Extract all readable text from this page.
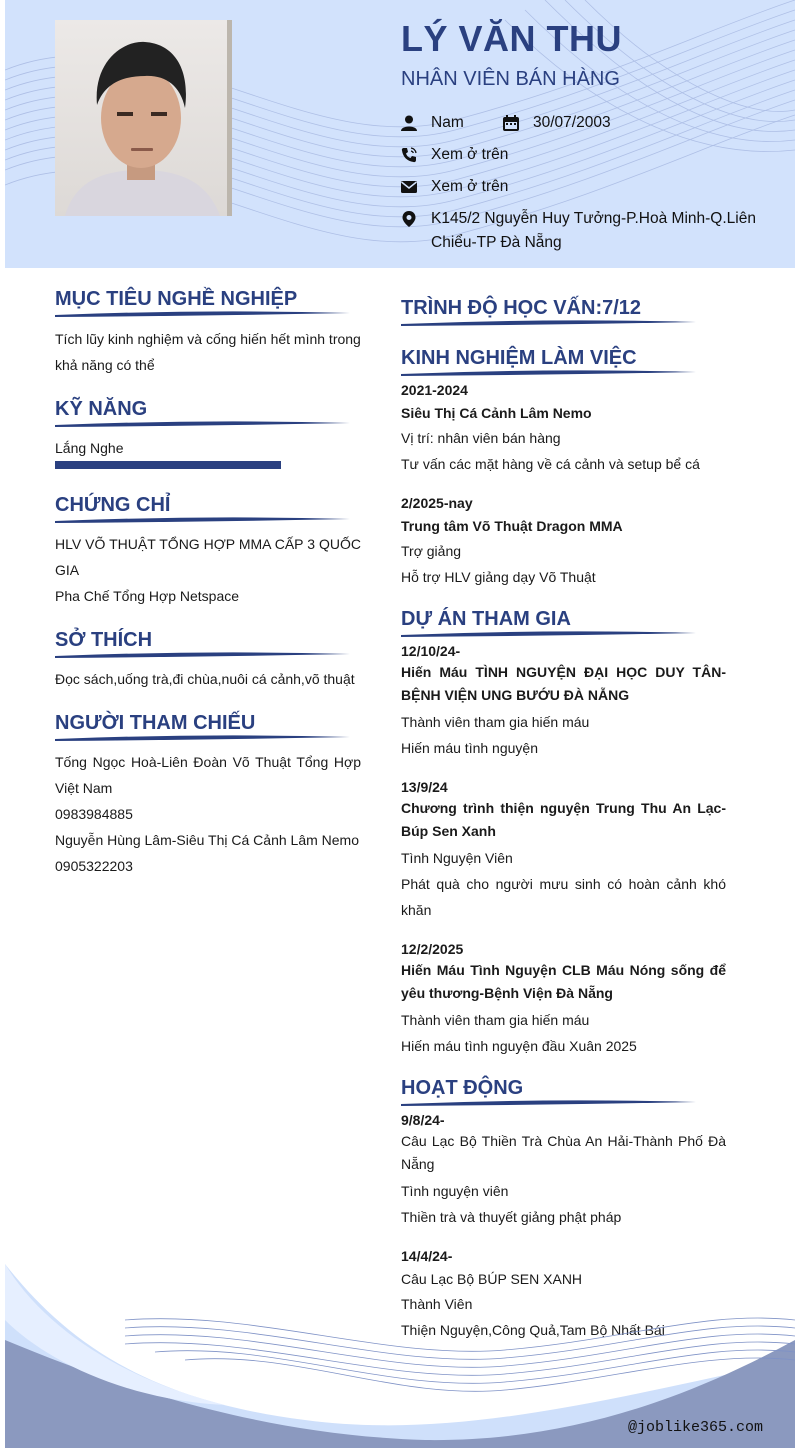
LÝ VĂN THU
NHÂN VIÊN BÁN HÀNG
Nam	30/07/2003
Xem ở trên
Xem ở trên
K145/2 Nguyễn Huy Tưởng-P.Hoà Minh-Q.Liên Chiểu-TP Đà Nẵng
MỤC TIÊU NGHỀ NGHIỆP
Tích lũy kinh nghiệm và cống hiến hết mình trong khả năng có thể
KỸ NĂNG
Lắng Nghe
CHỨNG CHỈ
HLV VÕ THUẬT TỔNG HỢP MMA CẤP 3 QUỐC GIA
Pha Chế Tổng Hợp Netspace
SỞ THÍCH
Đọc sách,uống trà,đi chùa,nuôi cá cảnh,võ thuật
NGƯỜI THAM CHIẾU
Tống Ngọc Hoà-Liên Đoàn Võ Thuật Tổng Hợp Việt Nam
0983984885
Nguyễn Hùng Lâm-Siêu Thị Cá Cảnh Lâm Nemo
0905322203
TRÌNH ĐỘ HỌC VẤN:7/12
KINH NGHIỆM LÀM VIỆC
2021-2024
Siêu Thị Cá Cảnh Lâm Nemo
Vị trí: nhân viên bán hàng
Tư vấn các mặt hàng về cá cảnh và setup bể cá
2/2025-nay
Trung tâm Võ Thuật Dragon MMA
Trợ giảng
Hỗ trợ HLV giảng dạy Võ Thuật
DỰ ÁN THAM GIA
12/10/24-
Hiến Máu TÌNH NGUYỆN ĐẠI HỌC DUY TÂN-BỆNH VIỆN UNG BƯỚU ĐÀ NẴNG
Thành viên tham gia hiến máu
Hiến máu tình nguyện
13/9/24
Chương trình thiện nguyện Trung Thu An Lạc-Búp Sen Xanh
Tình Nguyện Viên
Phát quà cho người mưu sinh có hoàn cảnh khó khăn
12/2/2025
Hiến Máu Tình Nguyện CLB Máu Nóng sống để yêu thương-Bệnh Viện Đà Nẵng
Thành viên tham gia hiến máu
Hiến máu tình nguyện đầu Xuân 2025
HOẠT ĐỘNG
9/8/24-
Câu Lạc Bộ Thiền Trà Chùa An Hải-Thành Phố Đà Nẵng
Tình nguyện viên
Thiền trà và thuyết giảng phật pháp
14/4/24-
Câu Lạc Bộ BÚP SEN XANH
Thành Viên
Thiện Nguyện,Công Quả,Tam Bộ Nhất Bái
@joblike365.com
